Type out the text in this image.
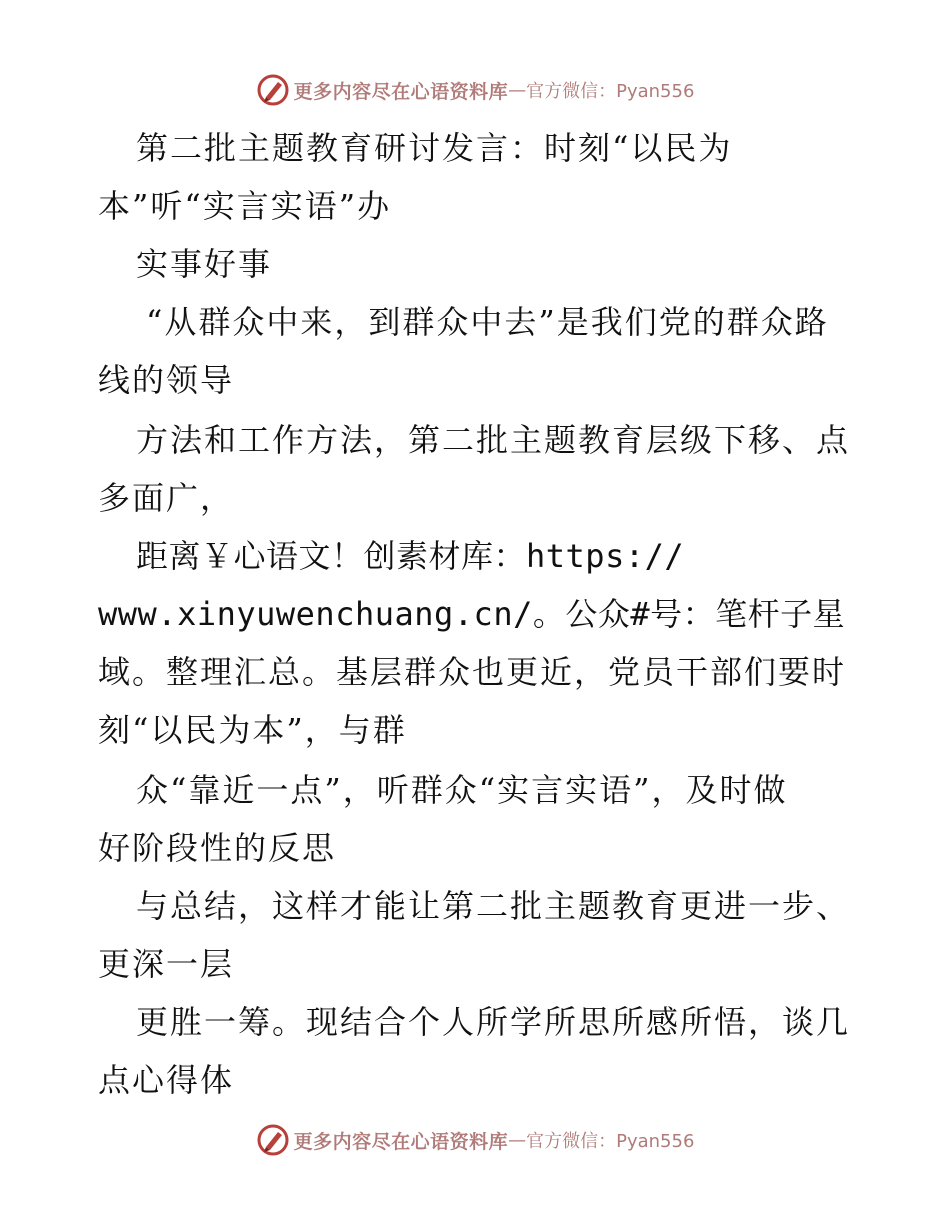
更多内容尽在心语资料库 — 官方微信：Pyan556
第二批主题教育研讨发言：时刻“以民为
本”听“实言实语”办
实事好事
“从群众中来，到群众中去”是我们党的群众路
线的领导
方法和工作方法，第二批主题教育层级下移、点
多面广，
距离￥心语文！创素材库：https://
www.xinyuwenchuang.cn/。公众#号：笔杆子星
域。整理汇总。基层群众也更近，党员干部们要时
刻“以民为本”，与群
众“靠近一点”，听群众“实言实语”，及时做
好阶段性的反思
与总结，这样才能让第二批主题教育更进一步、
更深一层
更胜一筹。现结合个人所学所思所感所悟，谈几
点心得体
更多内容尽在心语资料库 — 官方微信：Pyan556
